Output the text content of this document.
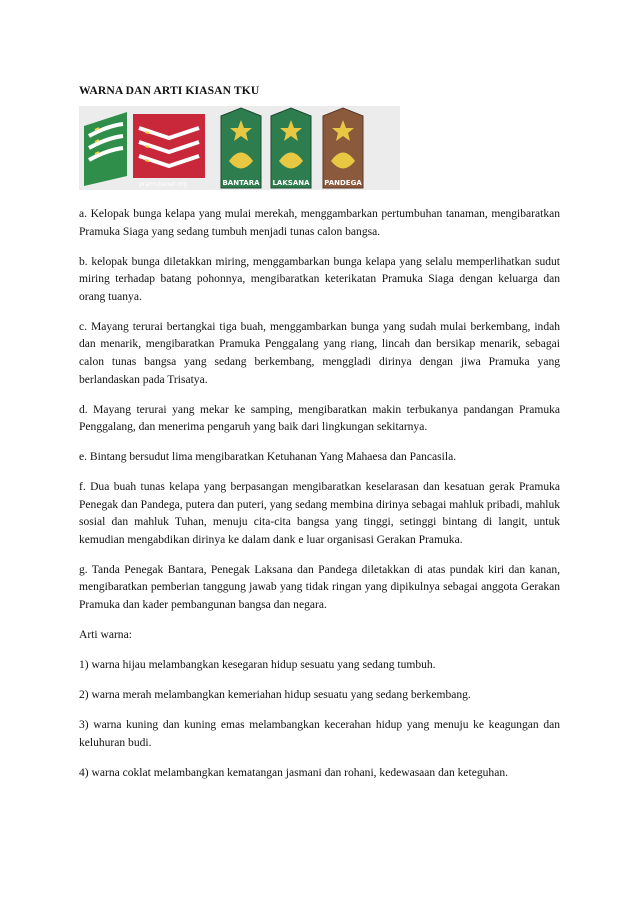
WARNA DAN ARTI KIASAN TKU
BANTARA LAKSANA PANDEGA
pramukanet.org

a. Kelopak bunga kelapa yang mulai merekah, menggambarkan pertumbuhan tanaman, mengibaratkan Pramuka Siaga yang sedang tumbuh menjadi tunas calon bangsa.

b. kelopak bunga diletakkan miring, menggambarkan bunga kelapa yang selalu memperlihatkan sudut miring terhadap batang pohonnya, mengibaratkan keterikatan Pramuka Siaga dengan keluarga dan orang tuanya.

c. Mayang terurai bertangkai tiga buah, menggambarkan bunga yang sudah mulai berkembang, indah dan menarik, mengibaratkan Pramuka Penggalang yang riang, lincah dan bersikap menarik, sebagai calon tunas bangsa yang sedang berkembang, menggladi dirinya dengan jiwa Pramuka yang berlandaskan pada Trisatya.

d. Mayang terurai yang mekar ke samping, mengibaratkan makin terbukanya pandangan Pramuka Penggalang, dan menerima pengaruh yang baik dari lingkungan sekitarnya.

e. Bintang bersudut lima mengibaratkan Ketuhanan Yang Mahaesa dan Pancasila.

f. Dua buah tunas kelapa yang berpasangan mengibaratkan keselarasan dan kesatuan gerak Pramuka Penegak dan Pandega, putera dan puteri, yang sedang membina dirinya sebagai mahluk pribadi, mahluk sosial dan mahluk Tuhan, menuju cita-cita bangsa yang tinggi, setinggi bintang di langit, untuk kemudian mengabdikan dirinya ke dalam dank e luar organisasi Gerakan Pramuka.

g. Tanda Penegak Bantara, Penegak Laksana dan Pandega diletakkan di atas pundak kiri dan kanan, mengibaratkan pemberian tanggung jawab yang tidak ringan yang dipikulnya sebagai anggota Gerakan Pramuka dan kader pembangunan bangsa dan negara.

Arti warna:

1) warna hijau melambangkan kesegaran hidup sesuatu yang sedang tumbuh.

2) warna merah melambangkan kemeriahan hidup sesuatu yang sedang berkembang.

3) warna kuning dan kuning emas melambangkan kecerahan hidup yang menuju ke keagungan dan keluhuran budi.

4) warna coklat melambangkan kematangan jasmani dan rohani, kedewasaan dan keteguhan.
